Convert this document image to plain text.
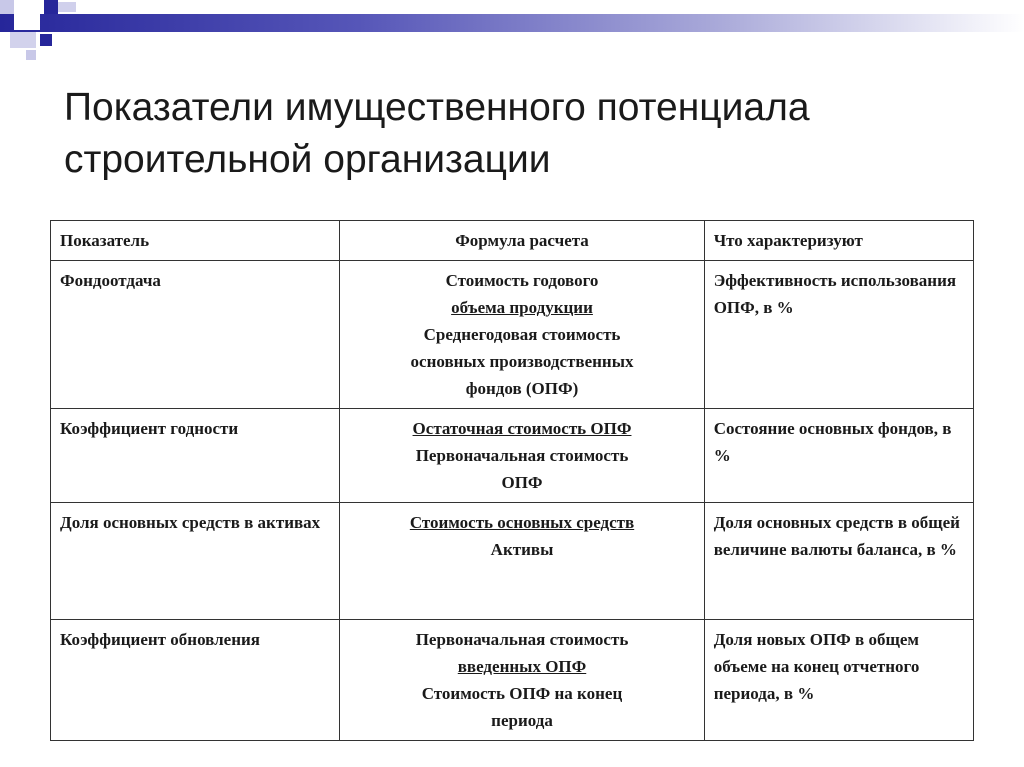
Показатели имущественного потенциала
строительной организации
Показатель	Формула расчета	Что характеризуют
Фондоотдача	Стоимость годового
объема продукции
Среднегодовая стоимость
основных производственных
фондов (ОПФ)	Эффективность использования ОПФ, в %
Коэффициент годности	Остаточная стоимость ОПФ
Первоначальная стоимость
ОПФ	Состояние основных фондов, в %
Доля основных средств в активах	Стоимость основных средств
Активы	Доля основных средств в общей величине валюты баланса, в %
Коэффициент обновления	Первоначальная стоимость
введенных ОПФ
Стоимость ОПФ на конец
периода	Доля новых ОПФ в общем объеме на конец отчетного периода, в %
